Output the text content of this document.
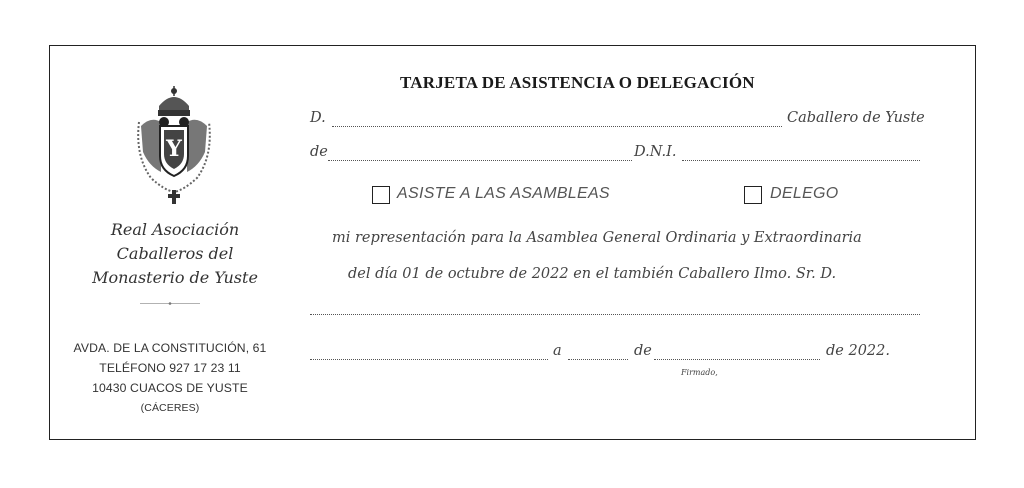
Y
Real Asociación
Caballeros del
Monasterio de Yuste
AVDA. DE LA CONSTITUCIÓN, 61
TELÉFONO 927 17 23 11
10430 CUACOS DE YUSTE
(CÁCERES)
TARJETA DE ASISTENCIA O DELEGACIÓN
D.	Caballero de Yuste
de	D.N.I.
ASISTE A LAS ASAMBLEAS	DELEGO
mi representación para la Asamblea General Ordinaria y Extraordinaria
del día 01 de octubre de 2022 en el también Caballero Ilmo. Sr. D.
a	de	de 2022.
Firmado,
